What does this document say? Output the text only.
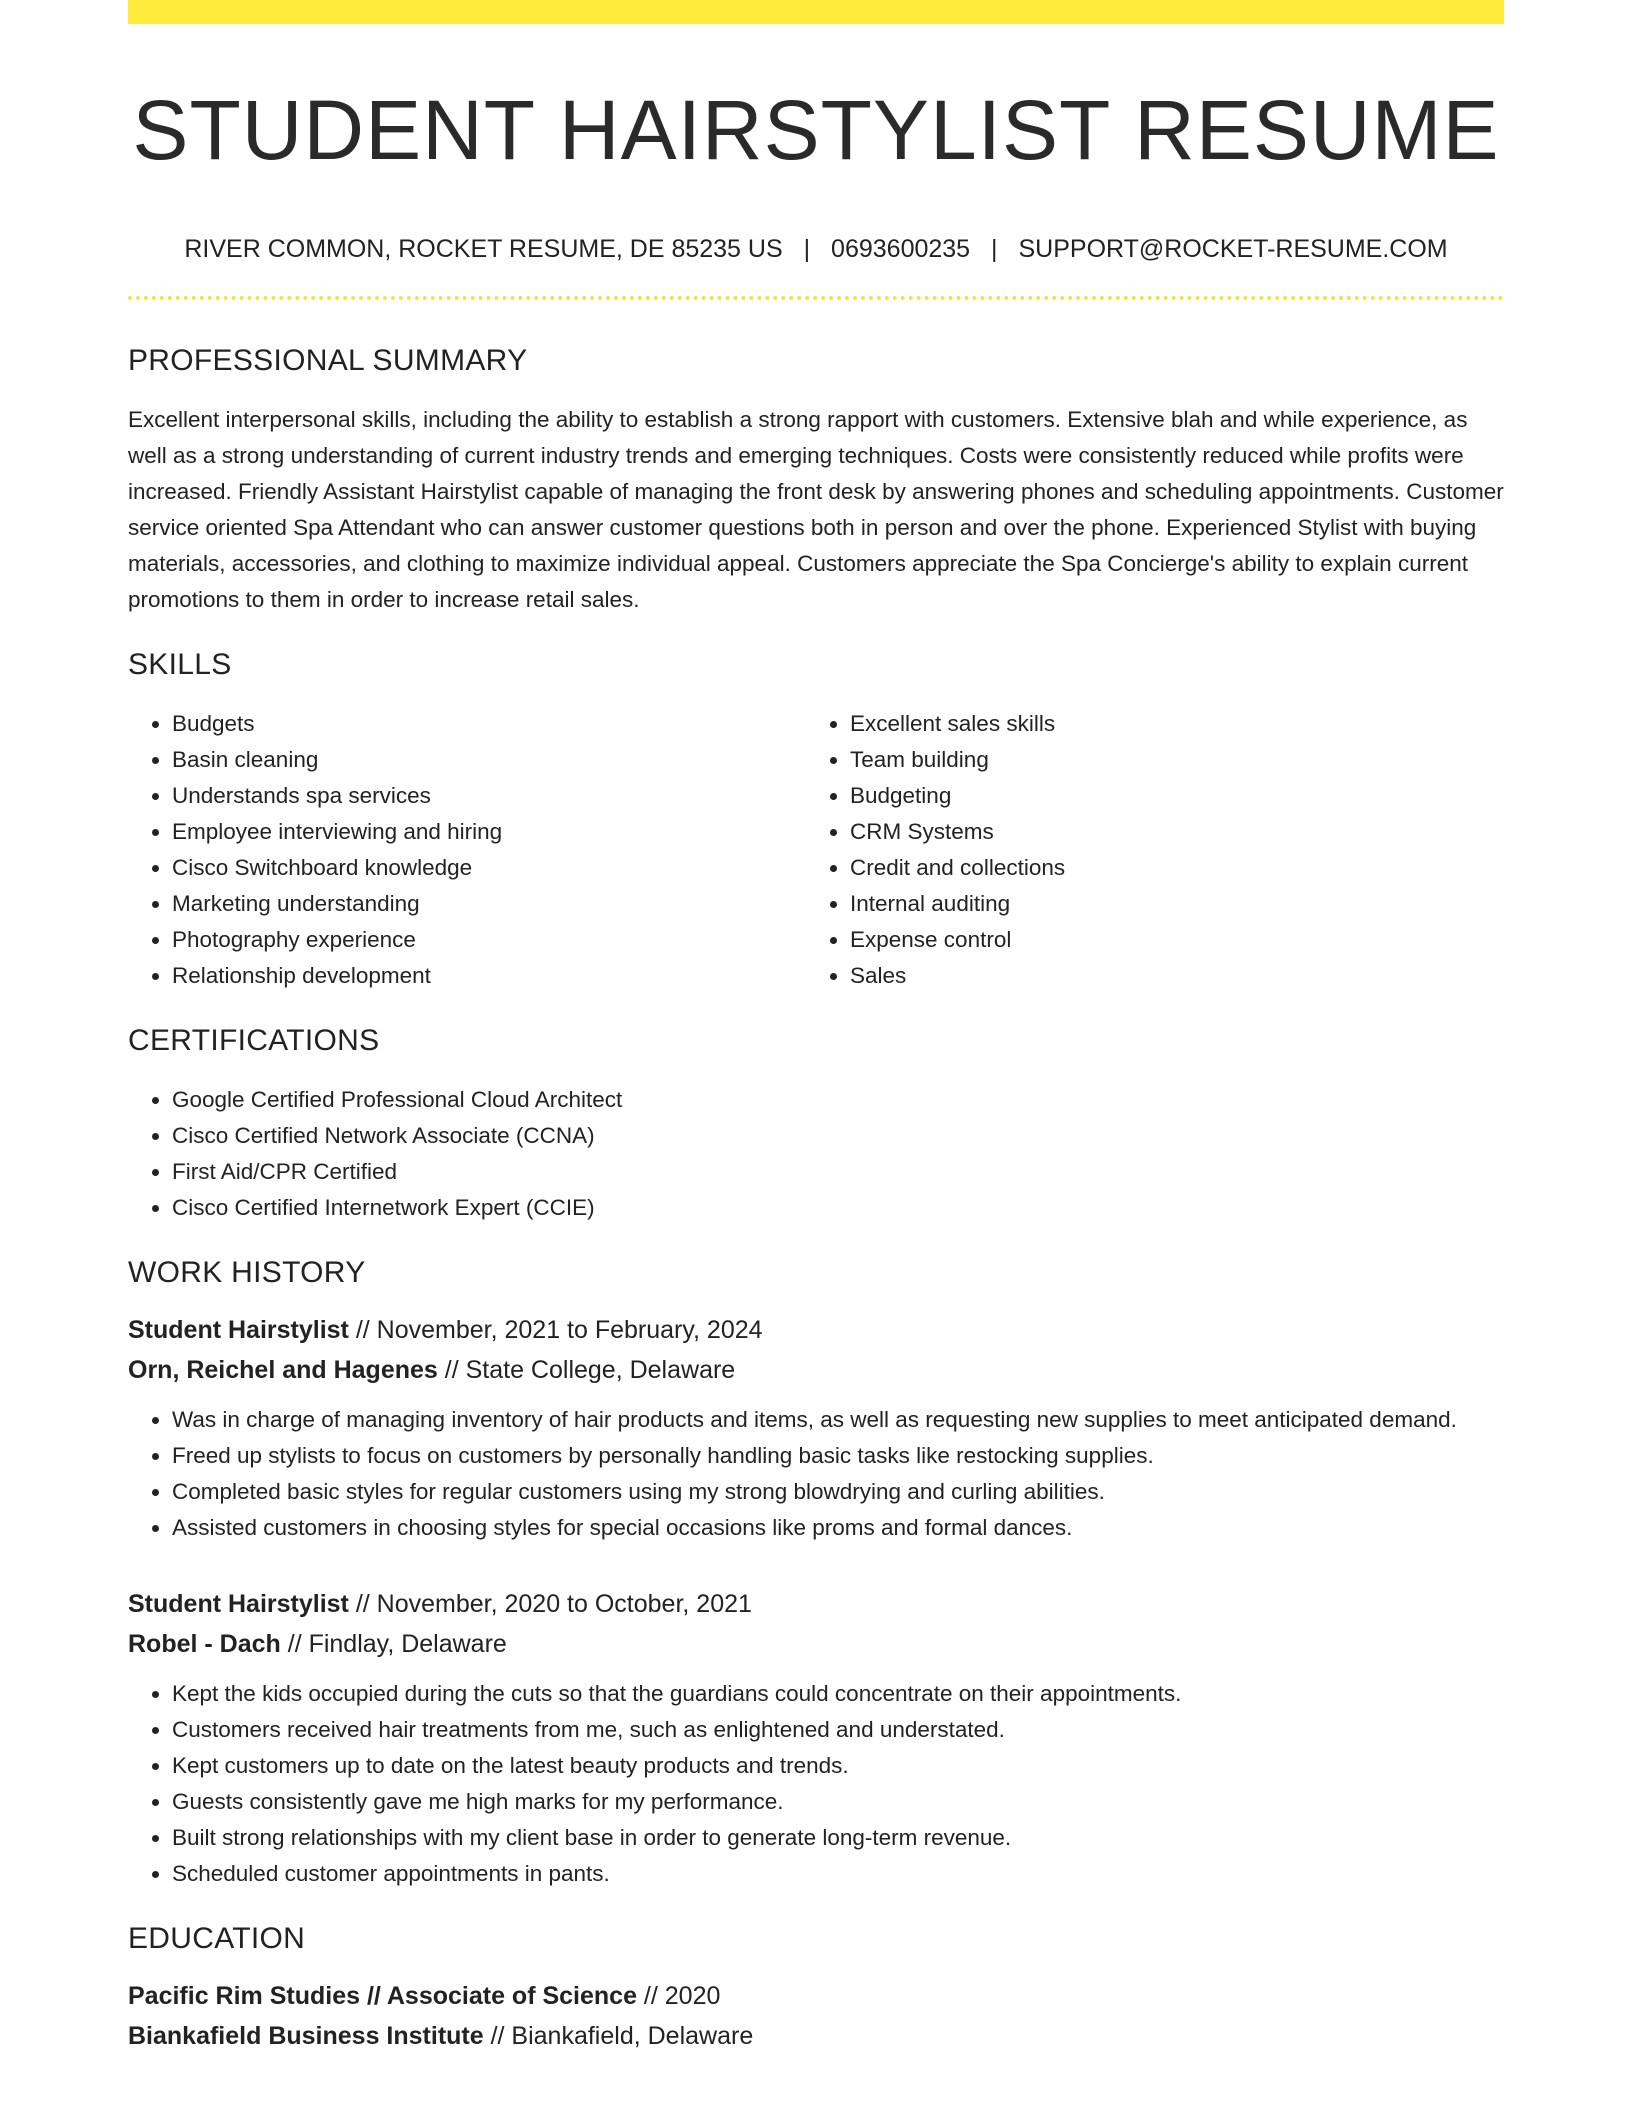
STUDENT HAIRSTYLIST RESUME
RIVER COMMON, ROCKET RESUME, DE 85235 US | 0693600235 | SUPPORT@ROCKET-RESUME.COM
PROFESSIONAL SUMMARY

Excellent interpersonal skills, including the ability to establish a strong rapport with customers. Extensive blah and while experience, as well as a strong understanding of current industry trends and emerging techniques. Costs were consistently reduced while profits were increased. Friendly Assistant Hairstylist capable of managing the front desk by answering phones and scheduling appointments. Customer service oriented Spa Attendant who can answer customer questions both in person and over the phone. Experienced Stylist with buying materials, accessories, and clothing to maximize individual appeal. Customers appreciate the Spa Concierge's ability to explain current promotions to them in order to increase retail sales.

SKILLS
• Budgets
• Basin cleaning
• Understands spa services
• Employee interviewing and hiring
• Cisco Switchboard knowledge
• Marketing understanding
• Photography experience
• Relationship development
• Excellent sales skills
• Team building
• Budgeting
• CRM Systems
• Credit and collections
• Internal auditing
• Expense control
• Sales
CERTIFICATIONS
• Google Certified Professional Cloud Architect
• Cisco Certified Network Associate (CCNA)
• First Aid/CPR Certified
• Cisco Certified Internetwork Expert (CCIE)
WORK HISTORY

Student Hairstylist // November, 2021 to February, 2024

Orn, Reichel and Hagenes // State College, Delaware

• Was in charge of managing inventory of hair products and items, as well as requesting new supplies to meet anticipated demand.
• Freed up stylists to focus on customers by personally handling basic tasks like restocking supplies.
• Completed basic styles for regular customers using my strong blowdrying and curling abilities.
• Assisted customers in choosing styles for special occasions like proms and formal dances.

Student Hairstylist // November, 2020 to October, 2021

Robel - Dach // Findlay, Delaware

• Kept the kids occupied during the cuts so that the guardians could concentrate on their appointments.
• Customers received hair treatments from me, such as enlightened and understated.
• Kept customers up to date on the latest beauty products and trends.
• Guests consistently gave me high marks for my performance.
• Built strong relationships with my client base in order to generate long-term revenue.
• Scheduled customer appointments in pants.
EDUCATION

Pacific Rim Studies // Associate of Science // 2020

Biankafield Business Institute // Biankafield, Delaware
